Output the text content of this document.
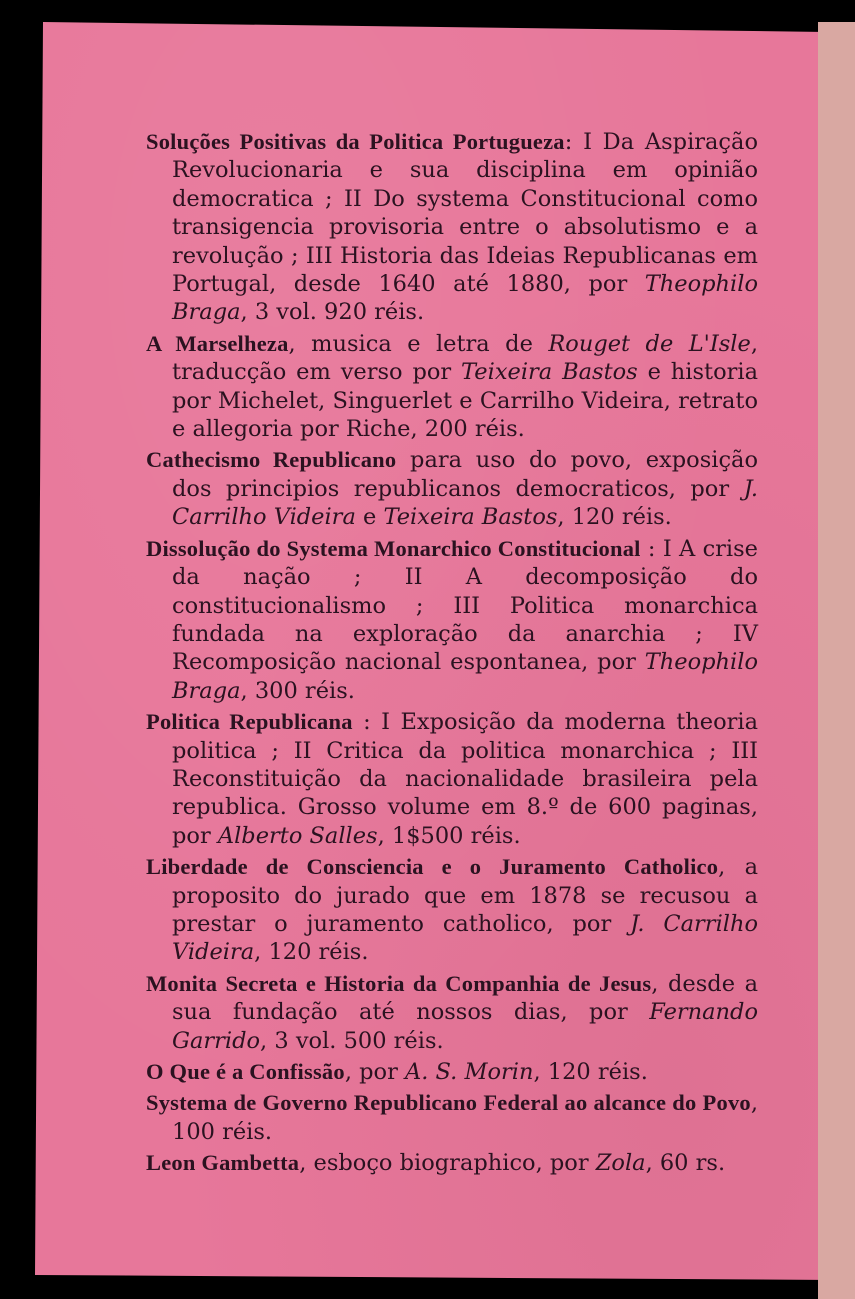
Soluções Positivas da Politica Portugueza: I Da Aspiração Revolucionaria e sua disciplina em opinião democratica ; II Do systema Constitucional como transigencia provisoria entre o absolutismo e a revolução ; III Historia das Ideias Republicanas em Portugal, desde 1640 até 1880, por Theophilo Braga, 3 vol. 920 réis.

A Marselheza, musica e letra de Rouget de L'Isle, traducção em verso por Teixeira Bastos e historia por Michelet, Singuerlet e Carrilho Videira, retrato e allegoria por Riche, 200 réis.

Cathecismo Republicano para uso do povo, exposição dos principios republicanos democraticos, por J. Carrilho Videira e Teixeira Bastos, 120 réis.

Dissolução do Systema Monarchico Constitucional : I A crise da nação ; II A decomposição do constitucionalismo ; III Politica monarchica fundada na exploração da anarchia ; IV Recomposição nacional espontanea, por Theophilo Braga, 300 réis.

Politica Republicana : I Exposição da moderna theoria politica ; II Critica da politica monarchica ; III Reconstituição da nacionalidade brasileira pela republica. Grosso volume em 8.º de 600 paginas, por Alberto Salles, 1$500 réis.

Liberdade de Consciencia e o Juramento Catholico, a proposito do jurado que em 1878 se recusou a prestar o juramento catholico, por J. Carrilho Videira, 120 réis.

Monita Secreta e Historia da Companhia de Jesus, desde a sua fundação até nossos dias, por Fernando Garrido, 3 vol. 500 réis.

O Que é a Confissão, por A. S. Morin, 120 réis.

Systema de Governo Republicano Federal ao alcance do Povo, 100 réis.

Leon Gambetta, esboço biographico, por Zola, 60 rs.
